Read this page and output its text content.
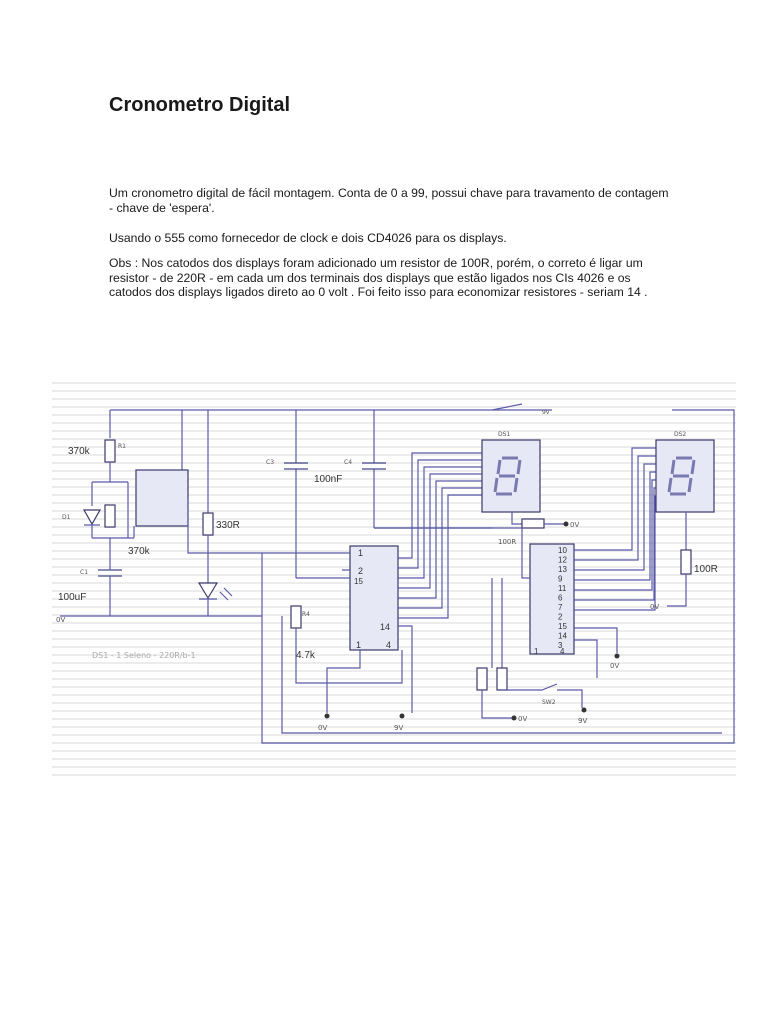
Cronometro Digital

Um cronometro digital de fácil montagem. Conta de 0 a 99, possui chave para travamento de contagem - chave de 'espera'.

Usando o 555 como fornecedor de clock e dois CD4026 para os displays.

Obs : Nos catodos dos displays foram adicionado um resistor de 100R, porém, o correto é ligar um resistor - de 220R - em cada um dos terminais dos displays que estão ligados nos CIs 4026 e os catodos dos displays ligados direto ao 0 volt . Foi feito isso para economizar resistores - seriam 14 .

R1
370k
D1
370k
330R
C1
100uF
0V
C3
100nF
C4
R4
4.7k
DS1	DS2
100R
100R
9v
0V
0V	9V
0V
0V
9V
0V
SW2
DS1 - 1 Seleno - 220R/b-1
1
2
15
14
1	4
10
12
13
9
11
6
7
2
15
14
3
1	4
